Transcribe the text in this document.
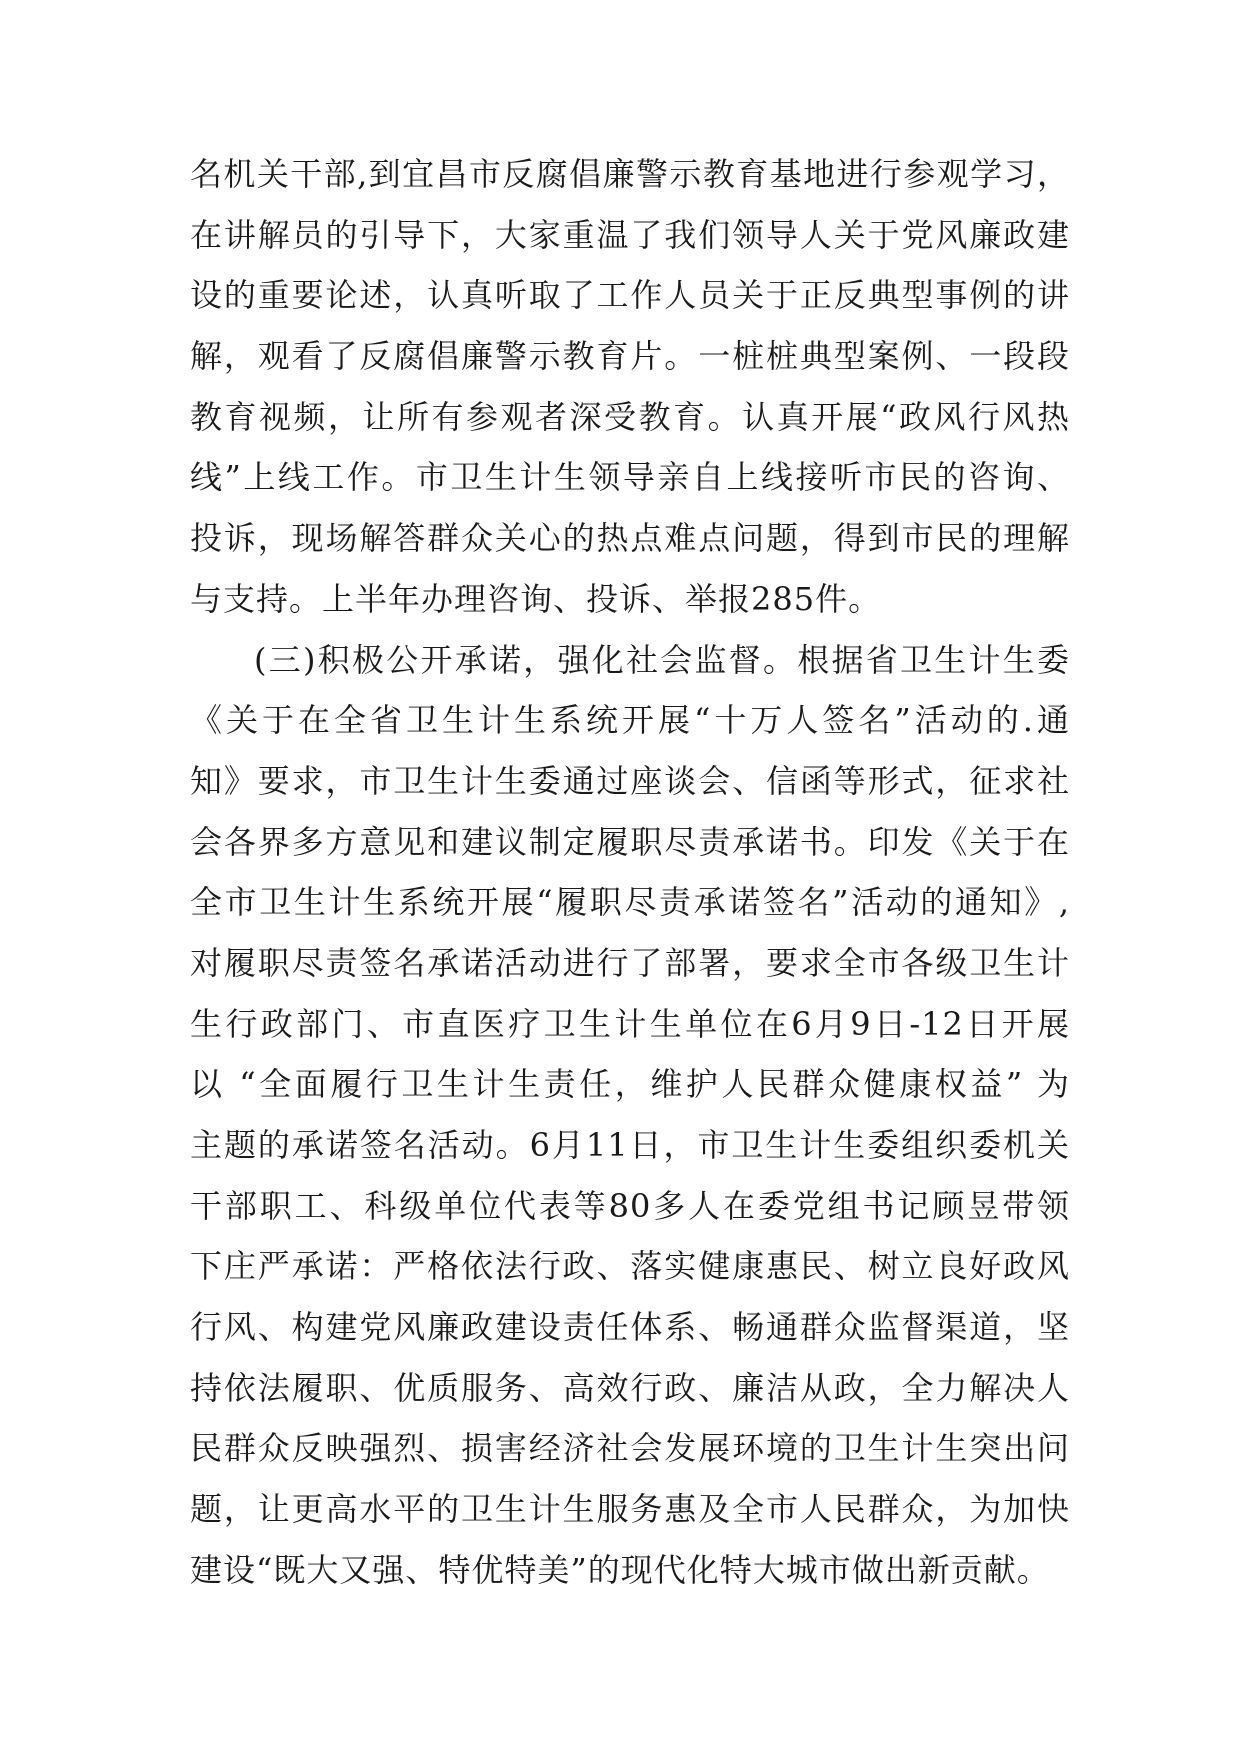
名机关干部,到宜昌市反腐倡廉警示教育基地进行参观学习，
在讲解员的引导下，大家重温了我们领导人关于党风廉政建
设的重要论述，认真听取了工作人员关于正反典型事例的讲
解，观看了反腐倡廉警示教育片。一桩桩典型案例、一段段
教育视频，让所有参观者深受教育。认真开展“政风行风热
线”上线工作。市卫生计生领导亲自上线接听市民的咨询、
投诉，现场解答群众关心的热点难点问题，得到市民的理解
与支持。上半年办理咨询、投诉、举报285件。
(三)积极公开承诺，强化社会监督。根据省卫生计生委
《关于在全省卫生计生系统开展“十万人签名”活动的.通
知》要求，市卫生计生委通过座谈会、信函等形式，征求社
会各界多方意见和建议制定履职尽责承诺书。印发《关于在
全市卫生计生系统开展“履职尽责承诺签名”活动的通知》,
对履职尽责签名承诺活动进行了部署，要求全市各级卫生计
生行政部门、市直医疗卫生计生单位在6月9日-12日开展
以 “全面履行卫生计生责任，维护人民群众健康权益” 为
主题的承诺签名活动。6月11日，市卫生计生委组织委机关
干部职工、科级单位代表等80多人在委党组书记顾昱带领
下庄严承诺：严格依法行政、落实健康惠民、树立良好政风
行风、构建党风廉政建设责任体系、畅通群众监督渠道，坚
持依法履职、优质服务、高效行政、廉洁从政，全力解决人
民群众反映强烈、损害经济社会发展环境的卫生计生突出问
题，让更高水平的卫生计生服务惠及全市人民群众，为加快
建设“既大又强、特优特美”的现代化特大城市做出新贡献。
